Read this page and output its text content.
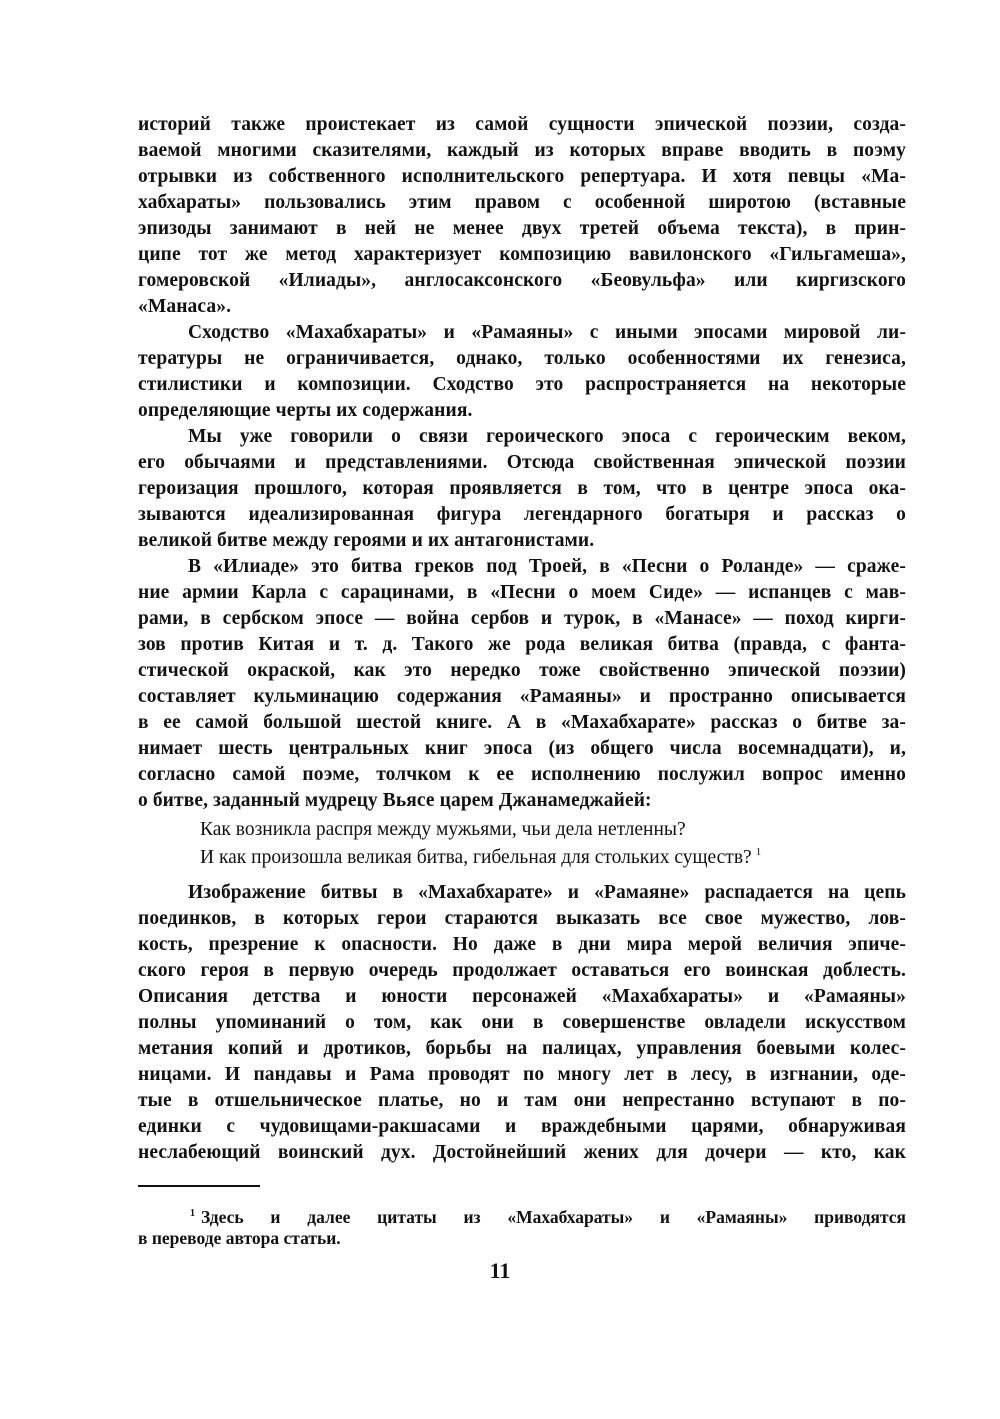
историй также проистекает из самой сущности эпической поэзии, созда-
ваемой многими сказителями, каждый из которых вправе вводить в поэму
отрывки из собственного исполнительского репертуара. И хотя певцы «Ма-
хабхараты» пользовались этим правом с особенной широтою (вставные
эпизоды занимают в ней не менее двух третей объема текста), в прин-
ципе тот же метод характеризует композицию вавилонского «Гильгамеша»,
гомеровской «Илиады», англосаксонского «Беовульфа» или киргизского
«Манаса».
Сходство «Махабхараты» и «Рамаяны» с иными эпосами мировой ли-
тературы не ограничивается, однако, только особенностями их генезиса,
стилистики и композиции. Сходство это распространяется на некоторые
определяющие черты их содержания.
Мы уже говорили о связи героического эпоса с героическим веком,
его обычаями и представлениями. Отсюда свойственная эпической поэзии
героизация прошлого, которая проявляется в том, что в центре эпоса ока-
зываются идеализированная фигура легендарного богатыря и рассказ о
великой битве между героями и их антагонистами.
В «Илиаде» это битва греков под Троей, в «Песни о Роланде» — сраже-
ние армии Карла с сарацинами, в «Песни о моем Сиде» — испанцев с мав-
рами, в сербском эпосе — война сербов и турок, в «Манасе» — поход кирги-
зов против Китая и т. д. Такого же рода великая битва (правда, с фанта-
стической окраской, как это нередко тоже свойственно эпической поэзии)
составляет кульминацию содержания «Рамаяны» и пространно описывается
в ее самой большой шестой книге. А в «Махабхарате» рассказ о битве за-
нимает шесть центральных книг эпоса (из общего числа восемнадцати), и,
согласно самой поэме, толчком к ее исполнению послужил вопрос именно
о битве, заданный мудрецу Вьясе царем Джанамеджайей:
Как возникла распря между мужьями, чьи дела нетленны?
И как произошла великая битва, гибельная для стольких существ? $^1$
Изображение битвы в «Махабхарате» и «Рамаяне» распадается на цепь
поединков, в которых герои стараются выказать все свое мужество, лов-
кость, презрение к опасности. Но даже в дни мира мерой величия эпиче-
ского героя в первую очередь продолжает оставаться его воинская доблесть.
Описания детства и юности персонажей «Махабхараты» и «Рамаяны»
полны упоминаний о том, как они в совершенстве овладели искусством
метания копий и дротиков, борьбы на палицах, управления боевыми колес-
ницами. И пандавы и Рама проводят по многу лет в лесу, в изгнании, оде-
тые в отшельническое платье, но и там они непрестанно вступают в по-
единки с чудовищами-ракшасами и враждебными царями, обнаруживая
неслабеющий воинский дух. Достойнейший жених для дочери — кто, как
$^1$ Здесь и далее цитаты из «Махабхараты» и «Рамаяны» приводятся
в переводе автора статьи.
11
